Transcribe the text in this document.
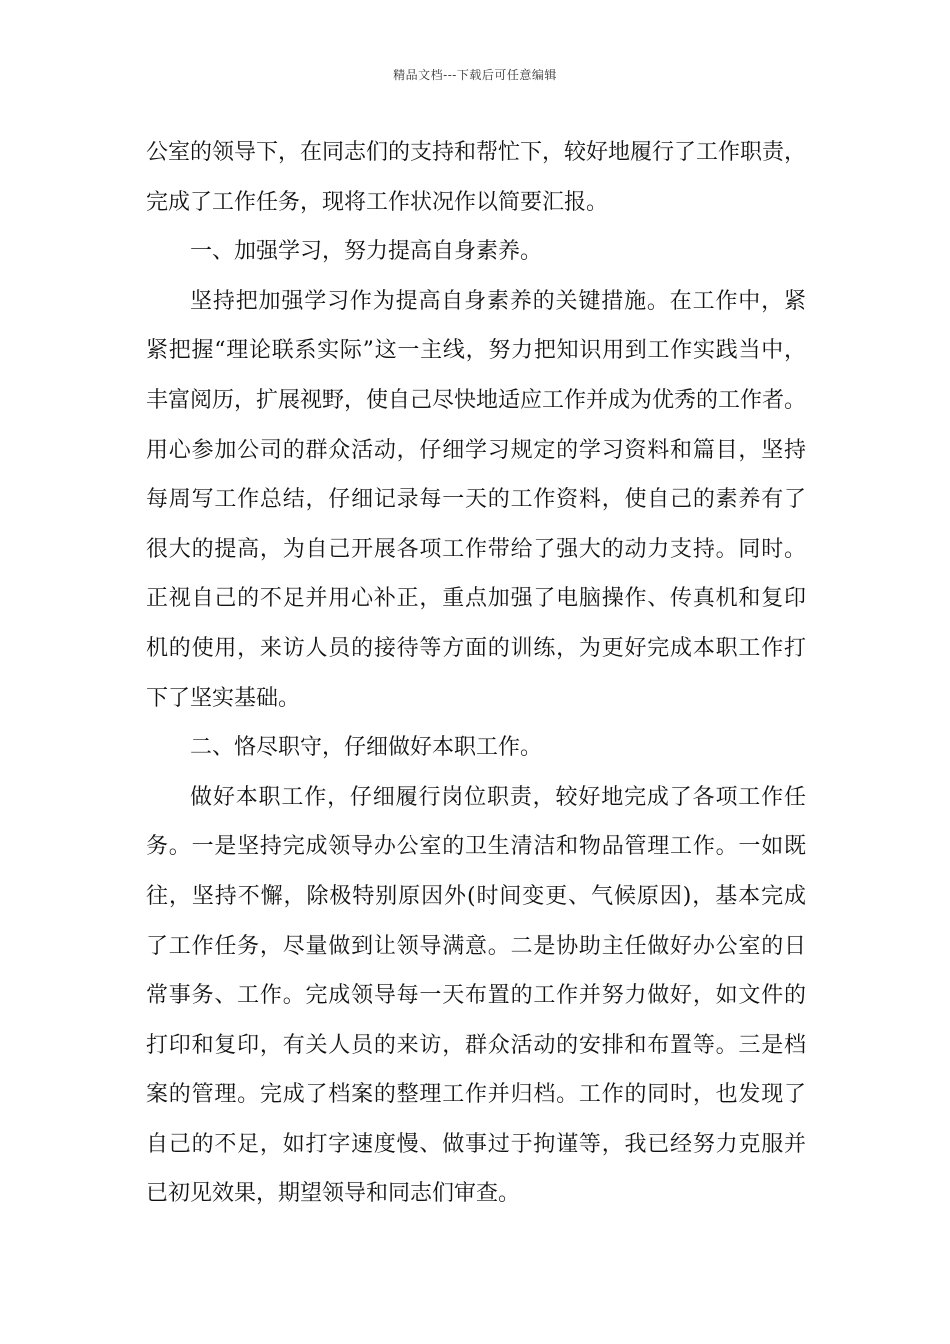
精品文档---下载后可任意编辑
公室的领导下，在同志们的支持和帮忙下，较好地履行了工作职责，
完成了工作任务，现将工作状况作以简要汇报。
一、加强学习，努力提高自身素养。
坚持把加强学习作为提高自身素养的关键措施。在工作中，紧
紧把握“理论联系实际”这一主线，努力把知识用到工作实践当中，
丰富阅历，扩展视野，使自己尽快地适应工作并成为优秀的工作者。
用心参加公司的群众活动，仔细学习规定的学习资料和篇目，坚持
每周写工作总结，仔细记录每一天的工作资料，使自己的素养有了
很大的提高，为自己开展各项工作带给了强大的动力支持。同时。
正视自己的不足并用心补正，重点加强了电脑操作、传真机和复印
机的使用，来访人员的接待等方面的训练，为更好完成本职工作打
下了坚实基础。
二、恪尽职守，仔细做好本职工作。
做好本职工作，仔细履行岗位职责，较好地完成了各项工作任
务。一是坚持完成领导办公室的卫生清洁和物品管理工作。一如既
往，坚持不懈，除极特别原因外(时间变更、气候原因)，基本完成
了工作任务，尽量做到让领导满意。二是协助主任做好办公室的日
常事务、工作。完成领导每一天布置的工作并努力做好，如文件的
打印和复印，有关人员的来访，群众活动的安排和布置等。三是档
案的管理。完成了档案的整理工作并归档。工作的同时，也发现了
自己的不足，如打字速度慢、做事过于拘谨等，我已经努力克服并
已初见效果，期望领导和同志们审查。
